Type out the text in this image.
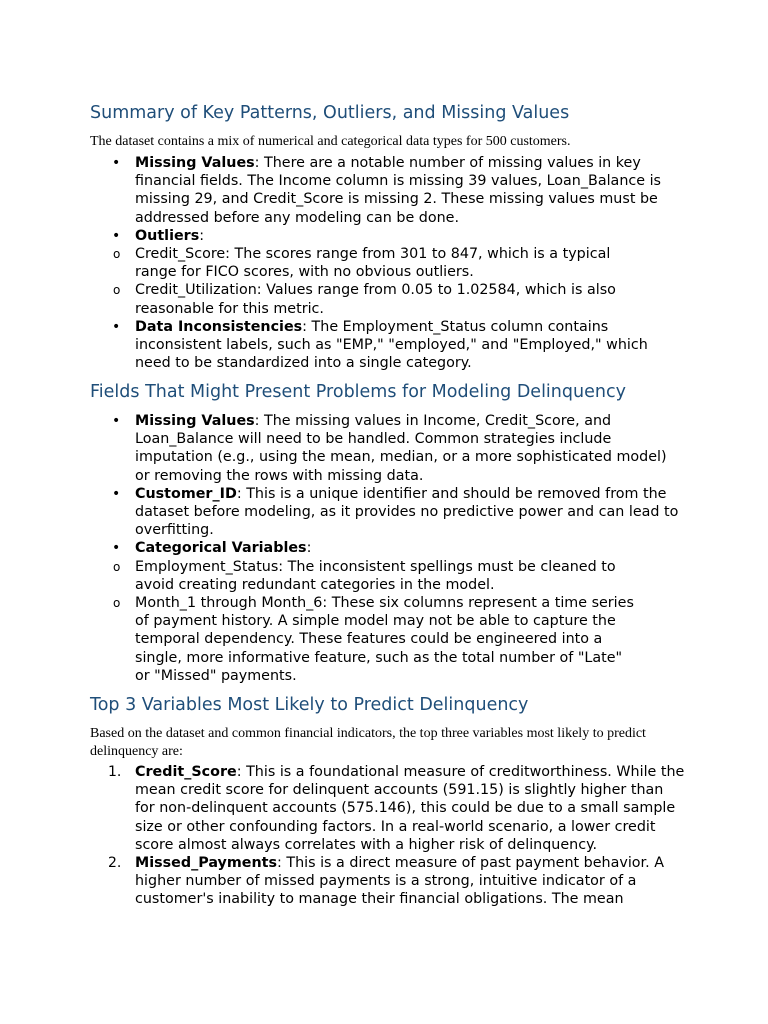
Summary of Key Patterns, Outliers, and Missing Values

The dataset contains a mix of numerical and categorical data types for 500 customers.

• Missing Values: There are a notable number of missing values in key financial fields. The Income column is missing 39 values, Loan_Balance is missing 29, and Credit_Score is missing 2. These missing values must be addressed before any modeling can be done.
• Outliers:
o Credit_Score: The scores range from 301 to 847, which is a typical range for FICO scores, with no obvious outliers.
o Credit_Utilization: Values range from 0.05 to 1.02584, which is also reasonable for this metric.
• Data Inconsistencies: The Employment_Status column contains inconsistent labels, such as "EMP," "employed," and "Employed," which need to be standardized into a single category.
Fields That Might Present Problems for Modeling Delinquency
• Missing Values: The missing values in Income, Credit_Score, and Loan_Balance will need to be handled. Common strategies include imputation (e.g., using the mean, median, or a more sophisticated model) or removing the rows with missing data.
• Customer_ID: This is a unique identifier and should be removed from the dataset before modeling, as it provides no predictive power and can lead to overfitting.
• Categorical Variables:
o Employment_Status: The inconsistent spellings must be cleaned to avoid creating redundant categories in the model.
o Month_1 through Month_6: These six columns represent a time series of payment history. A simple model may not be able to capture the temporal dependency. These features could be engineered into a single, more informative feature, such as the total number of "Late" or "Missed" payments.
Top 3 Variables Most Likely to Predict Delinquency

Based on the dataset and common financial indicators, the top three variables most likely to predict delinquency are:

1. Credit_Score: This is a foundational measure of creditworthiness. While the mean credit score for delinquent accounts (591.15) is slightly higher than for non-delinquent accounts (575.146), this could be due to a small sample size or other confounding factors. In a real-world scenario, a lower credit score almost always correlates with a higher risk of delinquency.
2. Missed_Payments: This is a direct measure of past payment behavior. A higher number of missed payments is a strong, intuitive indicator of a customer's inability to manage their financial obligations. The mean
